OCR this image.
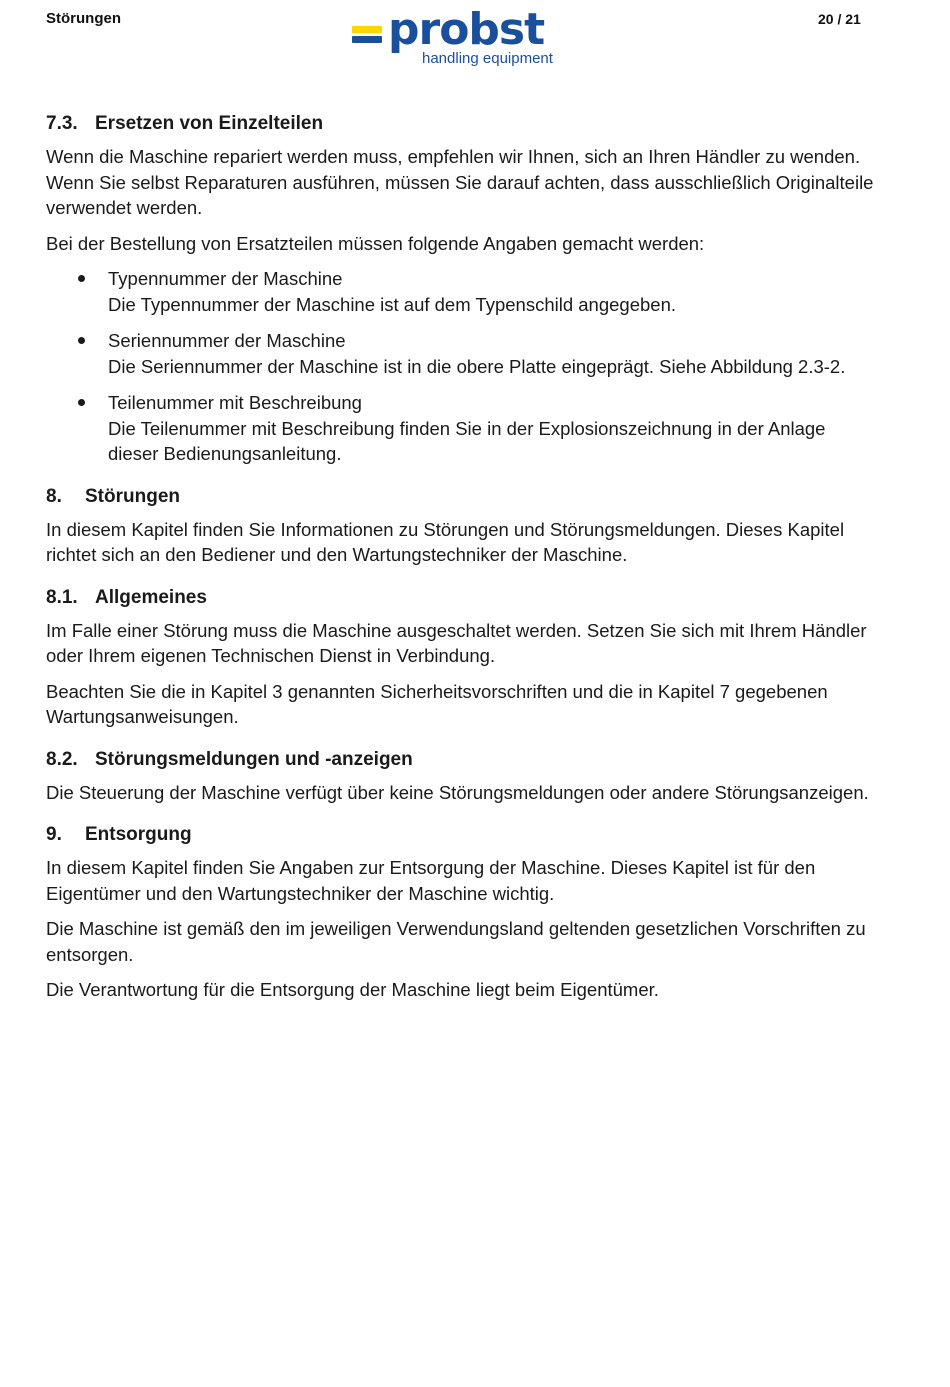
Störungen	probst
handling equipment
20 / 21
7.3. Ersetzen von Einzelteilen

Wenn die Maschine repariert werden muss, empfehlen wir Ihnen, sich an Ihren Händler zu wenden. Wenn Sie selbst Reparaturen ausführen, müssen Sie darauf achten, dass ausschließlich Originalteile verwendet werden.

Bei der Bestellung von Ersatzteilen müssen folgende Angaben gemacht werden:

Typennummer der Maschine
Die Typennummer der Maschine ist auf dem Typenschild angegeben.
Seriennummer der Maschine
Die Seriennummer der Maschine ist in die obere Platte eingeprägt. Siehe Abbildung 2.3-2.
Teilenummer mit Beschreibung
Die Teilenummer mit Beschreibung finden Sie in der Explosionszeichnung in der Anlage dieser Bedienungsanleitung.
8. Störungen

In diesem Kapitel finden Sie Informationen zu Störungen und Störungsmeldungen. Dieses Kapitel richtet sich an den Bediener und den Wartungstechniker der Maschine.

8.1. Allgemeines

Im Falle einer Störung muss die Maschine ausgeschaltet werden. Setzen Sie sich mit Ihrem Händler oder Ihrem eigenen Technischen Dienst in Verbindung.

Beachten Sie die in Kapitel 3 genannten Sicherheitsvorschriften und die in Kapitel 7 gegebenen Wartungsanweisungen.

8.2. Störungsmeldungen und -anzeigen

Die Steuerung der Maschine verfügt über keine Störungsmeldungen oder andere Störungsanzeigen.

9. Entsorgung

In diesem Kapitel finden Sie Angaben zur Entsorgung der Maschine. Dieses Kapitel ist für den Eigentümer und den Wartungstechniker der Maschine wichtig.

Die Maschine ist gemäß den im jeweiligen Verwendungsland geltenden gesetzlichen Vorschriften zu entsorgen.

Die Verantwortung für die Entsorgung der Maschine liegt beim Eigentümer.
